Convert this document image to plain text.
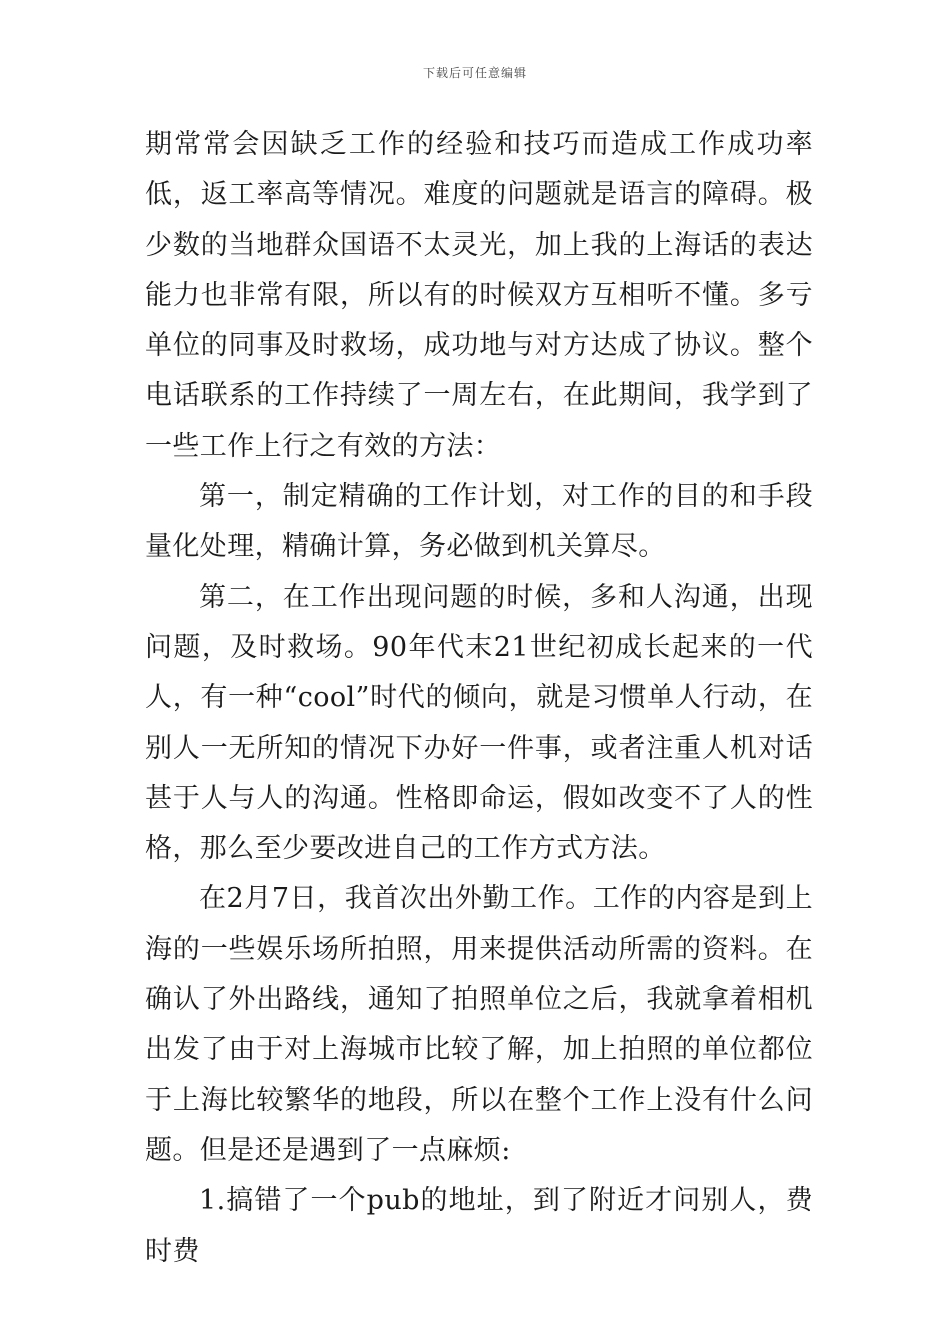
下载后可任意编辑

期常常会因缺乏工作的经验和技巧而造成工作成功率低，返工率高等情况。难度的问题就是语言的障碍。极少数的当地群众国语不太灵光，加上我的上海话的表达能力也非常有限，所以有的时候双方互相听不懂。多亏单位的同事及时救场，成功地与对方达成了协议。整个电话联系的工作持续了一周左右，在此期间，我学到了一些工作上行之有效的方法：

第一，制定精确的工作计划，对工作的目的和手段量化处理，精确计算，务必做到机关算尽。

第二，在工作出现问题的时候，多和人沟通，出现问题，及时救场。90年代末21世纪初成长起来的一代人，有一种“cool”时代的倾向，就是习惯单人行动，在别人一无所知的情况下办好一件事，或者注重人机对话甚于人与人的沟通。性格即命运，假如改变不了人的性格，那么至少要改进自己的工作方式方法。

在2月7日，我首次出外勤工作。工作的内容是到上海的一些娱乐场所拍照，用来提供活动所需的资料。在确认了外出路线，通知了拍照单位之后，我就拿着相机出发了由于对上海城市比较了解，加上拍照的单位都位于上海比较繁华的地段，所以在整个工作上没有什么问题。但是还是遇到了一点麻烦:

1.搞错了一个pub的地址，到了附近才问别人，费时费
